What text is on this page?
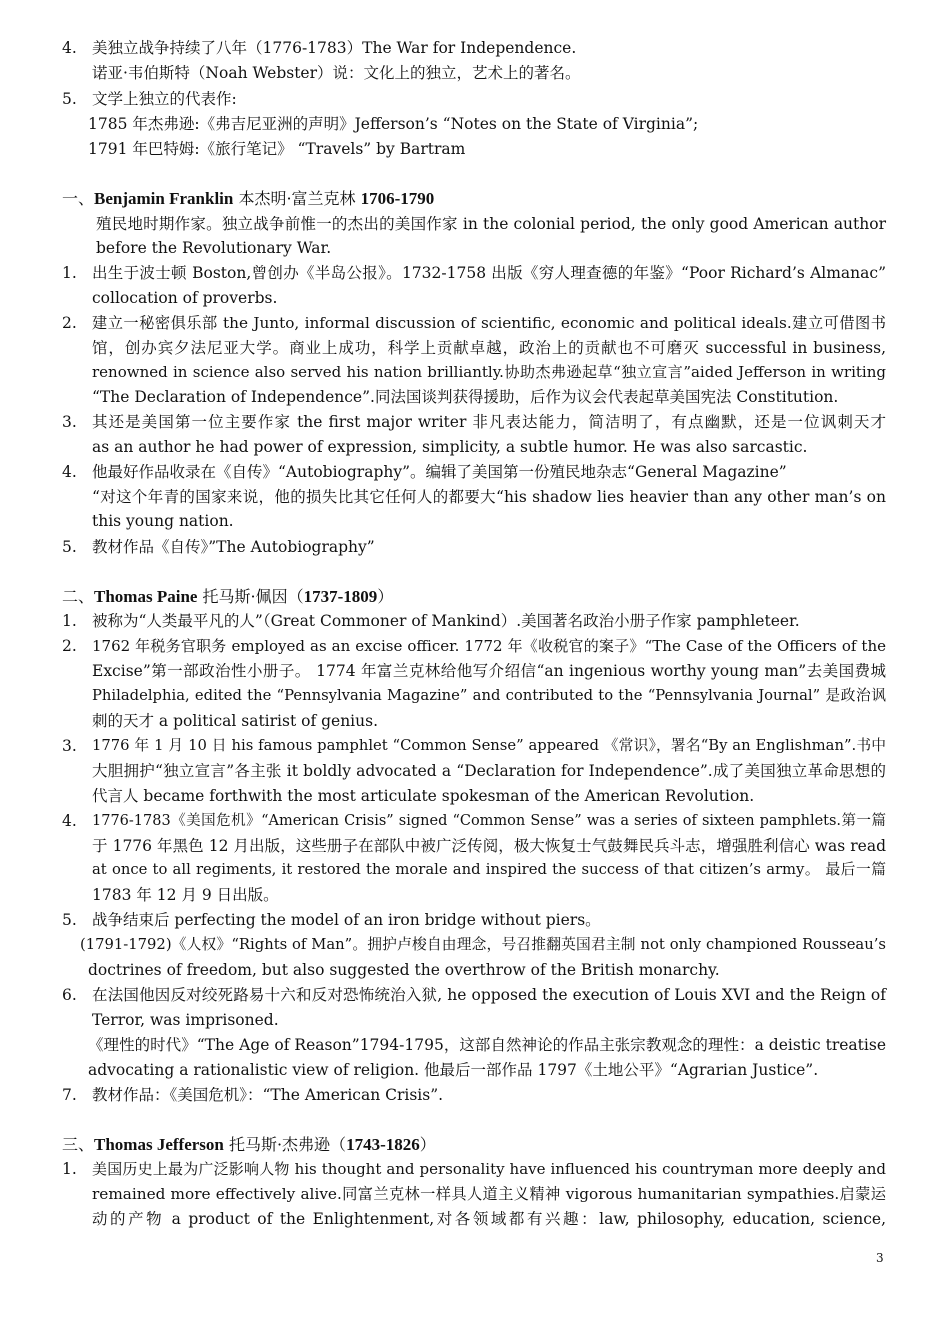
4. 美独立战争持续了八年（1776-1783）The War for Independence.
诺亚·韦伯斯特（Noah Webster）说：文化上的独立，艺术上的著名。
5. 文学上独立的代表作:
1785 年杰弗逊:《弗吉尼亚洲的声明》Jefferson’s “Notes on the State of Virginia”;
1791 年巴特姆:《旅行笔记》 “Travels” by Bartram
一、Benjamin Franklin 本杰明·富兰克林 1706-1790
殖民地时期作家。独立战争前惟一的杰出的美国作家 in the colonial period, the only good American author
before the Revolutionary War.
1. 出生于波士顿 Boston,曾创办《半岛公报》。1732-1758 出版《穷人理查德的年鉴》“Poor Richard’s Almanac”
collocation of proverbs.
2. 建立一秘密俱乐部 the Junto, informal discussion of scientific, economic and political ideals.建立可借图书
馆，创办宾夕法尼亚大学。商业上成功，科学上贡献卓越，政治上的贡献也不可磨灭 successful in business,
renowned in science also served his nation brilliantly.协助杰弗逊起草“独立宣言”aided Jefferson in writing
“The Declaration of Independence”.同法国谈判获得援助，后作为议会代表起草美国宪法 Constitution.
3. 其还是美国第一位主要作家 the first major writer 非凡表达能力，简洁明了，有点幽默，还是一位讽刺天才
as an author he had power of expression, simplicity, a subtle humor. He was also sarcastic.
4. 他最好作品收录在《自传》“Autobiography”。编辑了美国第一份殖民地杂志“General Magazine”
“对这个年青的国家来说，他的损失比其它任何人的都要大“his shadow lies heavier than any other man’s on
this young nation.
5. 教材作品《自传》”The Autobiography”
二、Thomas Paine 托马斯·佩因（1737-1809）
1. 被称为“人类最平凡的人”（Great Commoner of Mankind）.美国著名政治小册子作家 pamphleteer.
2. 1762 年税务官职务 employed as an excise officer. 1772 年《收税官的案子》“The Case of the Officers of the
Excise”第一部政治性小册子。 1774 年富兰克林给他写介绍信“an ingenious worthy young man”去美国费城
Philadelphia, edited the “Pennsylvania Magazine” and contributed to the “Pennsylvania Journal” 是政治讽
刺的天才 a political satirist of genius.
3. 1776 年 1 月 10 日 his famous pamphlet “Common Sense” appeared 《常识》，署名“By an Englishman”.书中
大胆拥护“独立宣言”各主张 it boldly advocated a “Declaration for Independence”.成了美国独立革命思想的
代言人 became forthwith the most articulate spokesman of the American Revolution.
4. 1776-1783《美国危机》“American Crisis” signed “Common Sense” was a series of sixteen pamphlets.第一篇
于 1776 年黑色 12 月出版，这些册子在部队中被广泛传阅，极大恢复士气鼓舞民兵斗志，增强胜利信心 was read
at once to all regiments, it restored the morale and inspired the success of that citizen’s army。 最后一篇
1783 年 12 月 9 日出版。
5. 战争结束后 perfecting the model of an iron bridge without piers。
(1791-1792)《人权》“Rights of Man”。拥护卢梭自由理念，号召推翻英国君主制 not only championed Rousseau’s
doctrines of freedom, but also suggested the overthrow of the British monarchy.
6. 在法国他因反对绞死路易十六和反对恐怖统治入狱, he opposed the execution of Louis XVI and the Reign of
Terror, was imprisoned.
《理性的时代》“The Age of Reason”1794-1795，这部自然神论的作品主张宗教观念的理性：a deistic treatise
advocating a rationalistic view of religion. 他最后一部作品 1797《土地公平》“Agrarian Justice”.
7. 教材作品：《美国危机》：“The American Crisis”.
三、Thomas Jefferson 托马斯·杰弗逊（1743-1826）
1. 美国历史上最为广泛影响人物 his thought and personality have influenced his countryman more deeply and
remained more effectively alive.同富兰克林一样具人道主义精神 vigorous humanitarian sympathies.启蒙运
动的产物 a product of the Enlightenment,对各领域都有兴趣：law, philosophy, education, science,
3
